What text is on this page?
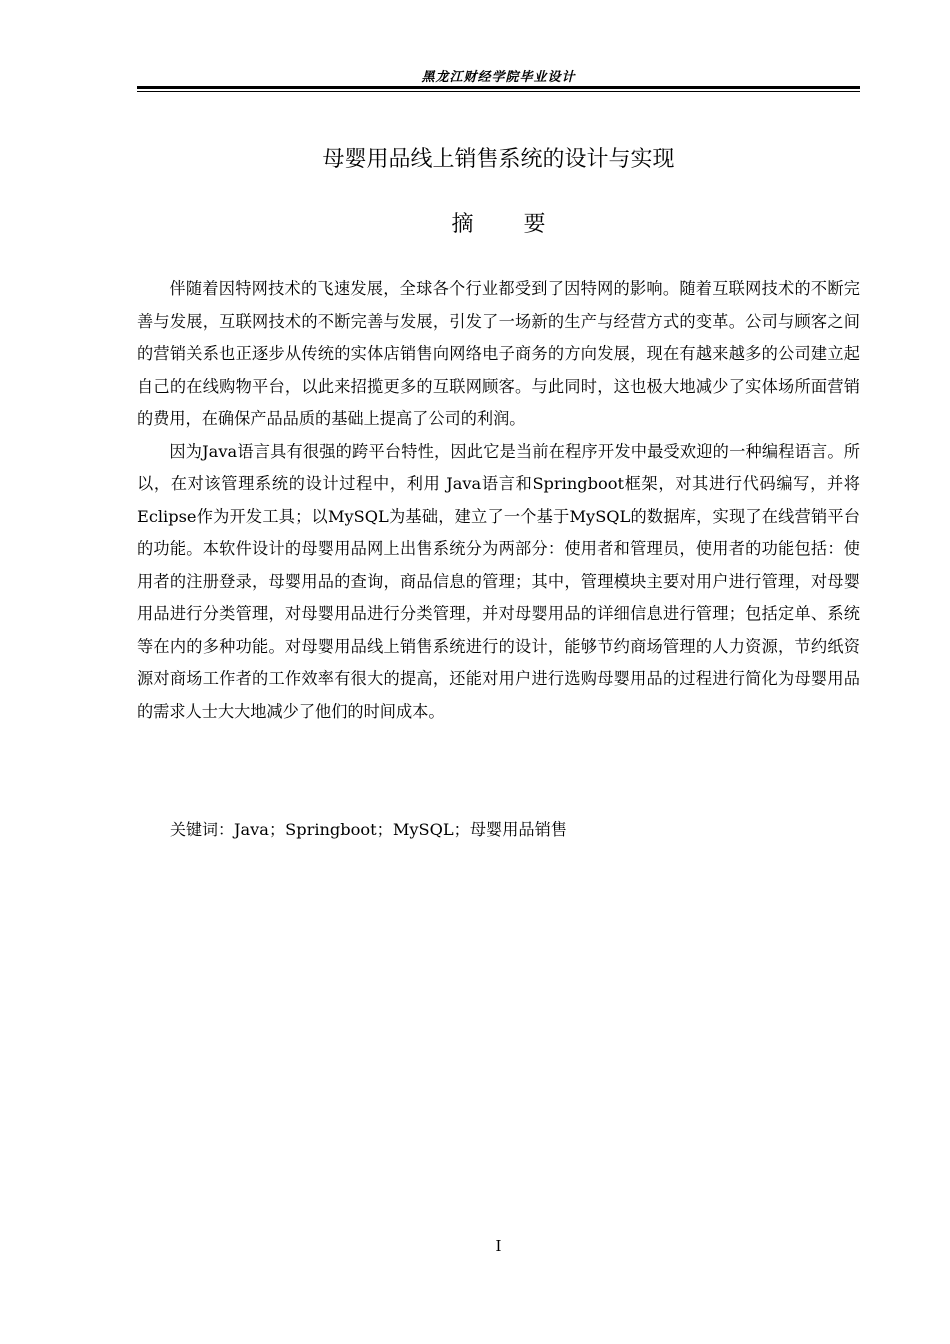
黑龙江财经学院毕业设计
母婴用品线上销售系统的设计与实现
摘要

伴随着因特网技术的飞速发展，全球各个行业都受到了因特网的影响。随着互联网技术的不断完善与发展，互联网技术的不断完善与发展，引发了一场新的生产与经营方式的变革。公司与顾客之间的营销关系也正逐步从传统的实体店销售向网络电子商务的方向发展，现在有越来越多的公司建立起自己的在线购物平台，以此来招揽更多的互联网顾客。与此同时，这也极大地减少了实体场所面营销的费用，在确保产品品质的基础上提高了公司的利润。

因为Java语言具有很强的跨平台特性，因此它是当前在程序开发中最受欢迎的一种编程语言。所以，在对该管理系统的设计过程中，利用 Java语言和Springboot框架，对其进行代码编写，并将Eclipse作为开发工具；以MySQL为基础，建立了一个基于MySQL的数据库，实现了在线营销平台的功能。本软件设计的母婴用品网上出售系统分为两部分：使用者和管理员，使用者的功能包括：使用者的注册登录，母婴用品的查询，商品信息的管理；其中，管理模块主要对用户进行管理，对母婴用品进行分类管理，对母婴用品进行分类管理，并对母婴用品的详细信息进行管理；包括定单、系统等在内的多种功能。对母婴用品线上销售系统进行的设计，能够节约商场管理的人力资源，节约纸资源对商场工作者的工作效率有很大的提高，还能对用户进行选购母婴用品的过程进行简化为母婴用品的需求人士大大地减少了他们的时间成本。

关键词：Java；Springboot；MySQL；母婴用品销售
I
